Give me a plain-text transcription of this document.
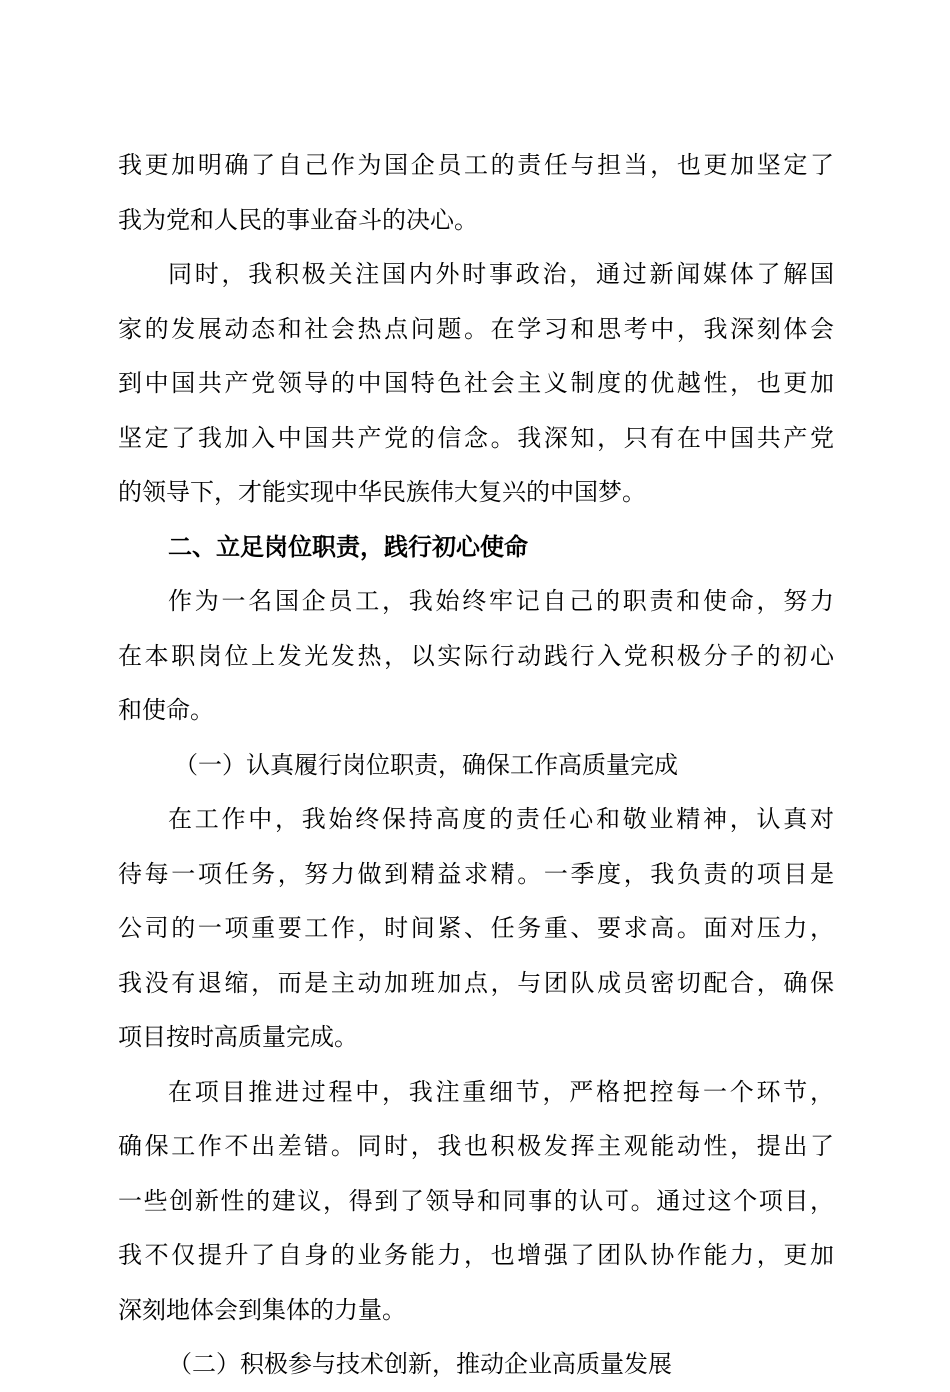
我更加明确了自己作为国企员工的责任与担当，也更加坚定了
我为党和人民的事业奋斗的决心。
同时，我积极关注国内外时事政治，通过新闻媒体了解国
家的发展动态和社会热点问题。在学习和思考中，我深刻体会
到中国共产党领导的中国特色社会主义制度的优越性，也更加
坚定了我加入中国共产党的信念。我深知，只有在中国共产党
的领导下，才能实现中华民族伟大复兴的中国梦。
二、立足岗位职责，践行初心使命
作为一名国企员工，我始终牢记自己的职责和使命，努力
在本职岗位上发光发热，以实际行动践行入党积极分子的初心
和使命。
（一）认真履行岗位职责，确保工作高质量完成
在工作中，我始终保持高度的责任心和敬业精神，认真对
待每一项任务，努力做到精益求精。一季度，我负责的项目是
公司的一项重要工作，时间紧、任务重、要求高。面对压力，
我没有退缩，而是主动加班加点，与团队成员密切配合，确保
项目按时高质量完成。
在项目推进过程中，我注重细节，严格把控每一个环节，
确保工作不出差错。同时，我也积极发挥主观能动性，提出了
一些创新性的建议，得到了领导和同事的认可。通过这个项目，
我不仅提升了自身的业务能力，也增强了团队协作能力，更加
深刻地体会到集体的力量。
（二）积极参与技术创新，推动企业高质量发展
